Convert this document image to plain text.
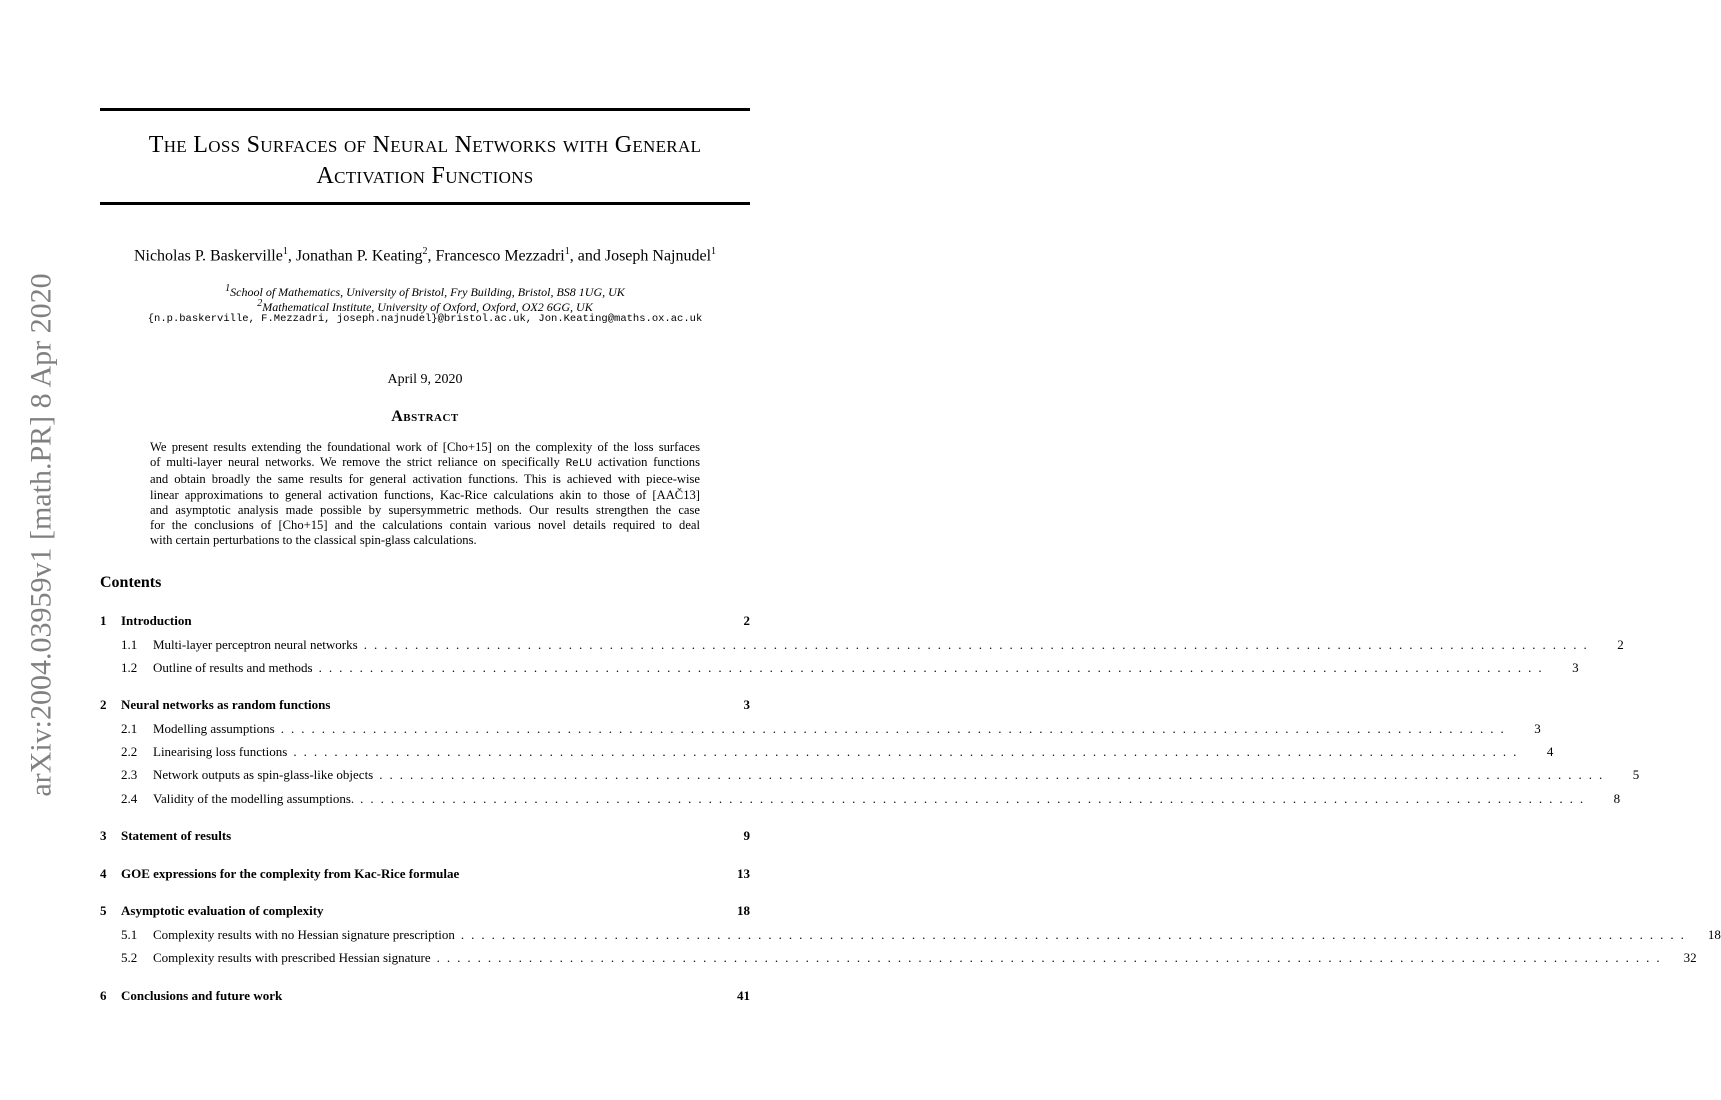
arXiv:2004.03959v1 [math.PR] 8 Apr 2020
The Loss Surfaces of Neural Networks with General
Activation Functions
Nicholas P. Baskerville$^1$, Jonathan P. Keating$^2$, Francesco Mezzadri$^1$, and Joseph Najnudel$^1$
$^1$School of Mathematics, University of Bristol, Fry Building, Bristol, BS8 1UG, UK
$^2$Mathematical Institute, University of Oxford, Oxford, OX2 6GG, UK
{n.p.baskerville, F.Mezzadri, joseph.najnudel}@bristol.ac.uk, Jon.Keating@maths.ox.ac.uk
April 9, 2020
Abstract
We present results extending the foundational work of [Cho+15] on the complexity of the loss surfaces
of multi-layer neural networks. We remove the strict reliance on specifically ReLU activation functions
and obtain broadly the same results for general activation functions. This is achieved with piece-wise
linear approximations to general activation functions, Kac-Rice calculations akin to those of [AAČ13]
and asymptotic analysis made possible by supersymmetric methods. Our results strengthen the case
for the conclusions of [Cho+15] and the calculations contain various novel details required to deal
with certain perturbations to the classical spin-glass calculations.
Contents
1	Introduction	2
1.1	Multi-layer perceptron neural networks ........................................................................................................................	2
1.2	Outline of results and methods ........................................................................................................................	3
2	Neural networks as random functions	3
2.1	Modelling assumptions ........................................................................................................................	3
2.2	Linearising loss functions ........................................................................................................................	4
2.3	Network outputs as spin-glass-like objects ........................................................................................................................	5
2.4	Validity of the modelling assumptions. ........................................................................................................................	8
3	Statement of results	9
4	GOE expressions for the complexity from Kac-Rice formulae	13
5	Asymptotic evaluation of complexity	18
5.1	Complexity results with no Hessian signature prescription ........................................................................................................................	18
5.2	Complexity results with prescribed Hessian signature ........................................................................................................................	32
6	Conclusions and future work	41
